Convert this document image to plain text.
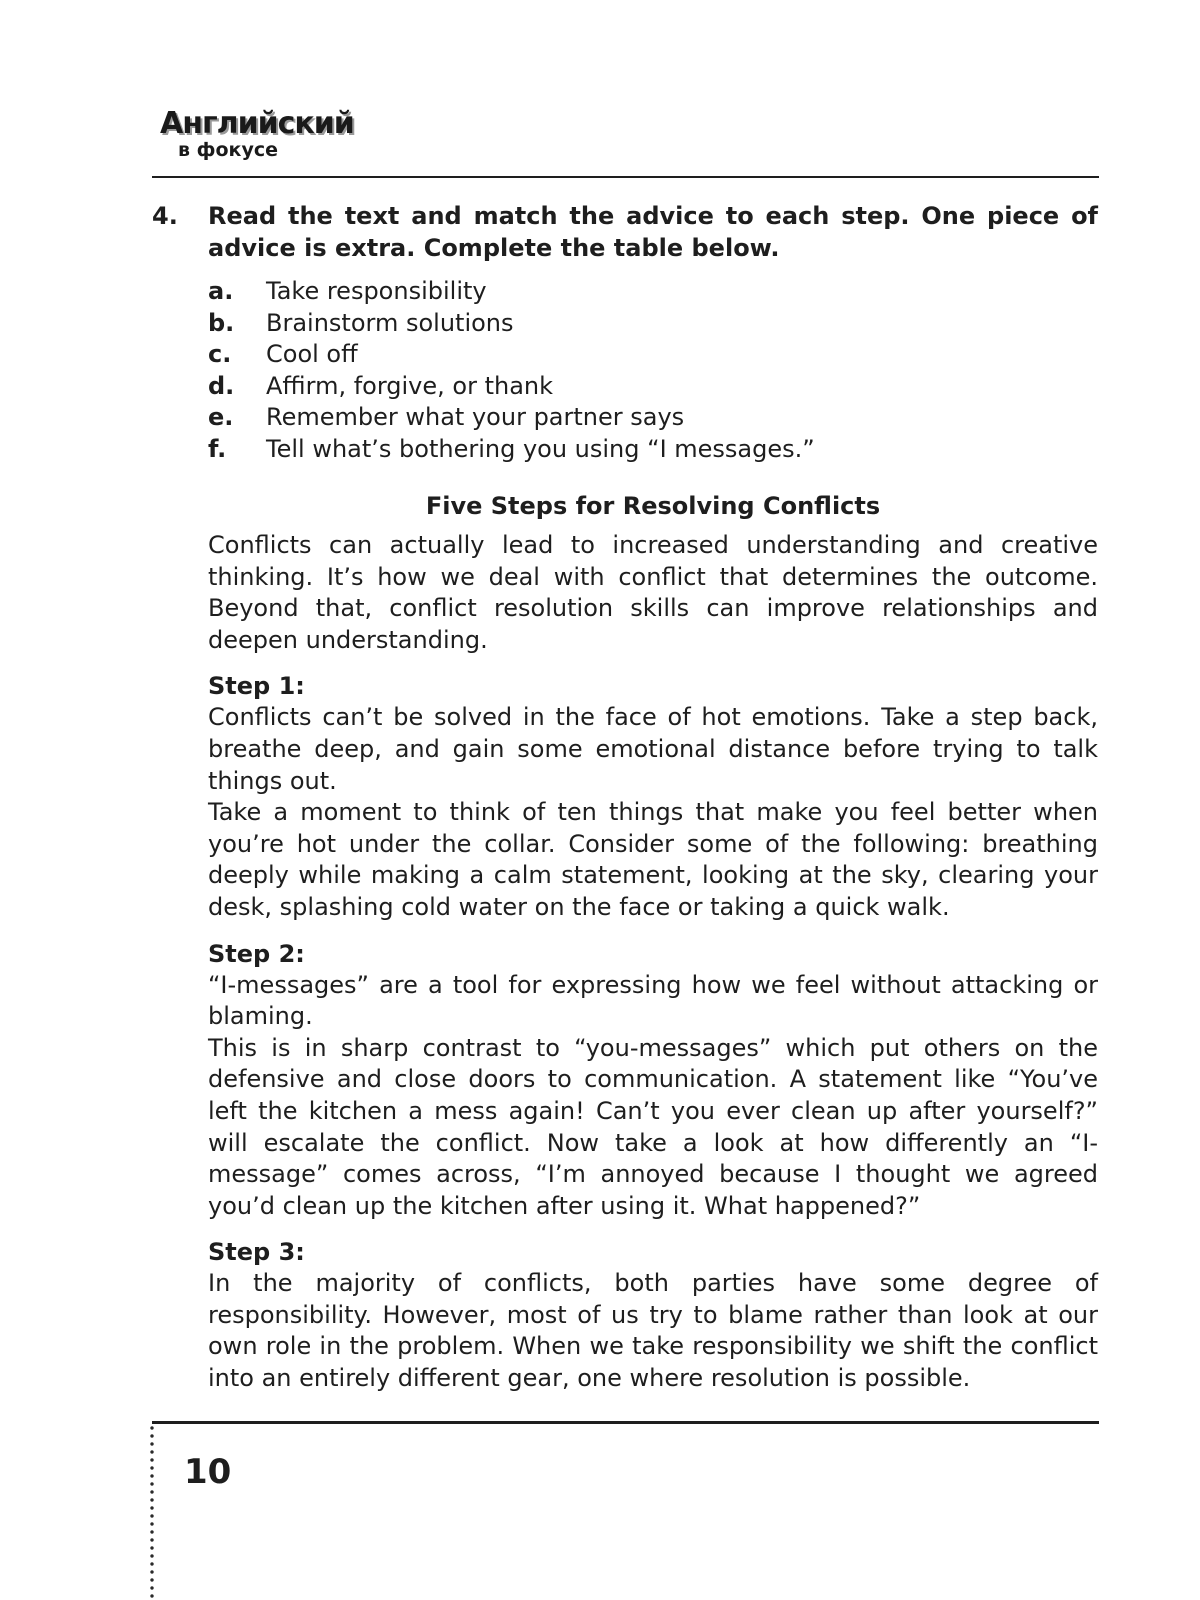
Английский
в фокусе
4. Read the text and match the advice to each step. One piece of advice is extra. Complete the table below.

a.	Take responsibility
b.	Brainstorm solutions
c.	Cool off
d.	Affirm, forgive, or thank
e.	Remember what your partner says
f.	Tell what’s bothering you using “I messages.”
Five Steps for Resolving Conflicts

Conflicts can actually lead to increased understanding and creative thinking. It’s how we deal with conflict that determines the outcome. Beyond that, conflict resolution skills can improve relationships and deepen understanding.

Step 1:

Conflicts can’t be solved in the face of hot emotions. Take a step back, breathe deep, and gain some emotional distance before trying to talk things out.

Take a moment to think of ten things that make you feel better when you’re hot under the collar. Consider some of the following: breathing deeply while making a calm statement, looking at the sky, clearing your desk, splashing cold water on the face or taking a quick walk.

Step 2:

“I-messages” are a tool for expressing how we feel without attacking or blaming.

This is in sharp contrast to “you-messages” which put others on the defensive and close doors to communication. A statement like “You’ve left the kitchen a mess again! Can’t you ever clean up after yourself?” will escalate the conflict. Now take a look at how differently an “I-message” comes across, “I’m annoyed because I thought we agreed you’d clean up the kitchen after using it. What happened?”

Step 3:

In the majority of conflicts, both parties have some degree of responsibility. However, most of us try to blame rather than look at our own role in the problem. When we take responsibility we shift the conflict into an entirely different gear, one where resolution is possible.

10
